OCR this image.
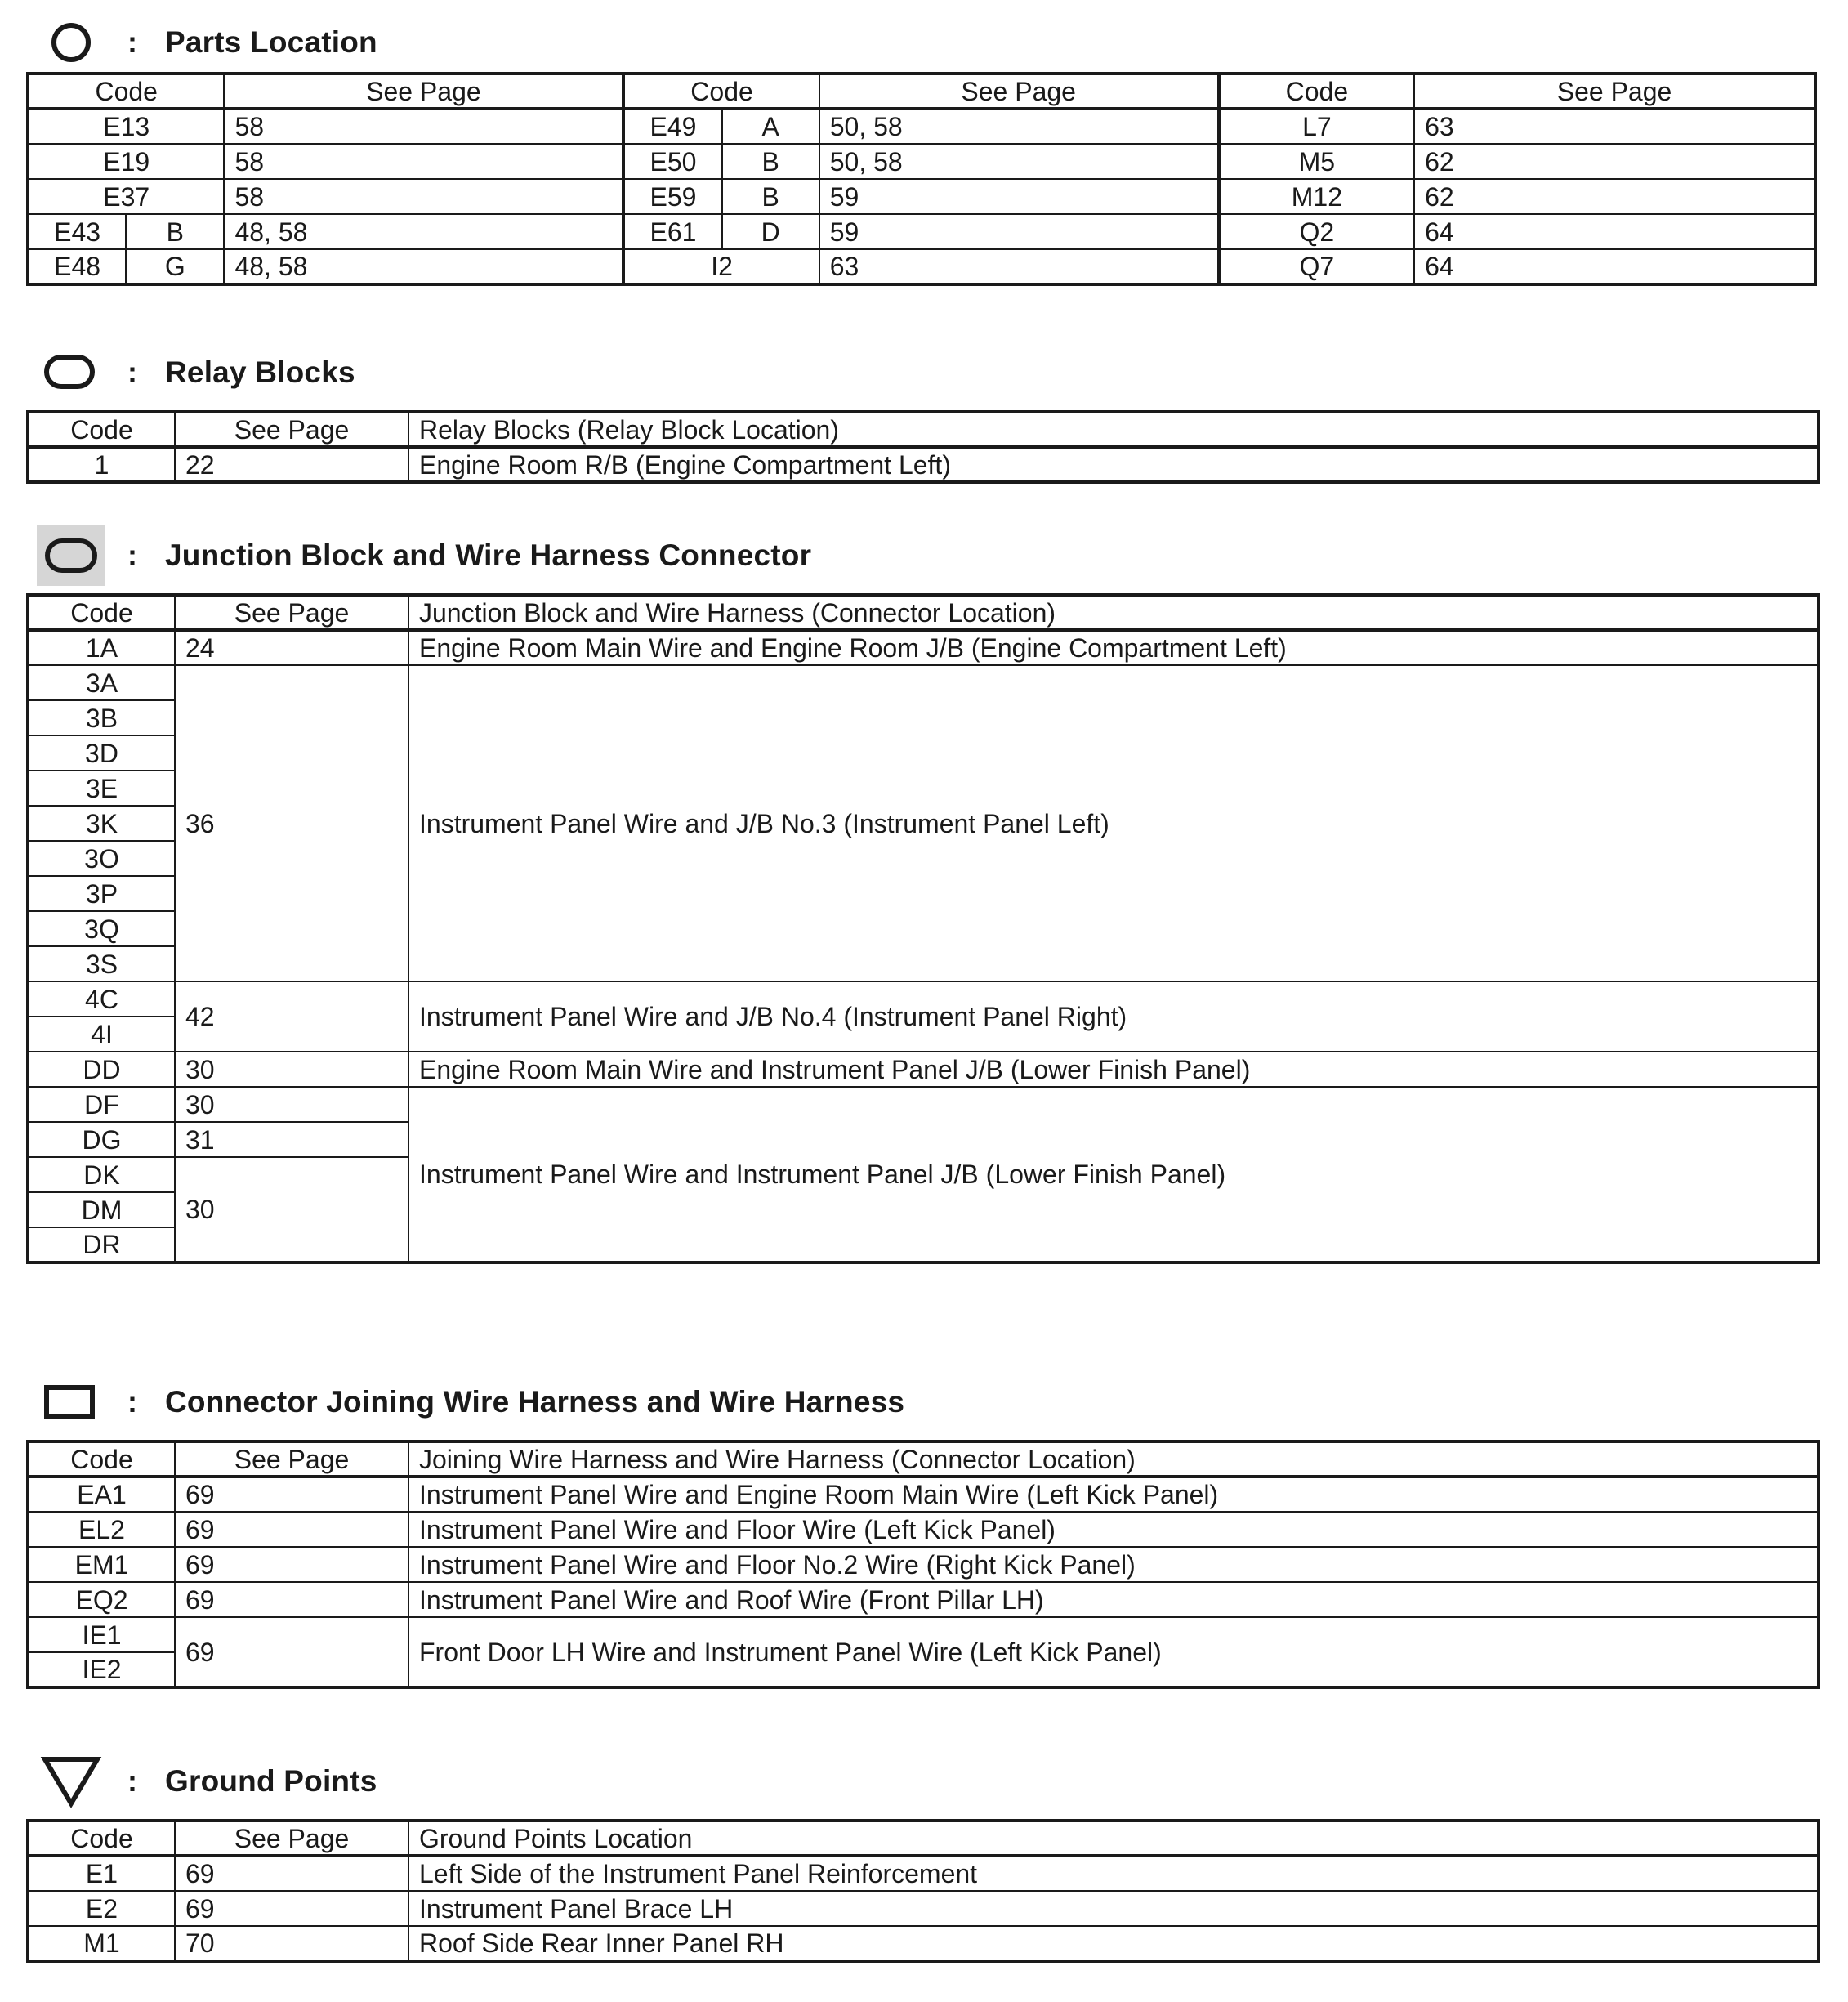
: Parts Location
Code		See Page	Code		See Page	Code	See Page
E13		58	E49	A	50, 58	L7	63
E19		58	E50	B	50, 58	M5	62
E37		58	E59	B	59	M12	62
E43	B	48, 58	E61	D	59	Q2	64
E48	G	48, 58	I2		63	Q7	64
: Relay Blocks
Code	See Page	Relay Blocks (Relay Block Location)
1	22	Engine Room R/B (Engine Compartment Left)
: Junction Block and Wire Harness Connector
Code	See Page	Junction Block and Wire Harness (Connector Location)
1A	24	Engine Room Main Wire and Engine Room J/B (Engine Compartment Left)
3A	36	Instrument Panel Wire and J/B No.3 (Instrument Panel Left)
3B		
3D		
3E		
3K		
3O		
3P		
3Q		
3S		
4C	42	Instrument Panel Wire and J/B No.4 (Instrument Panel Right)
4I		
DD	30	Engine Room Main Wire and Instrument Panel J/B (Lower Finish Panel)
DF	30	Instrument Panel Wire and Instrument Panel J/B (Lower Finish Panel)
DG	31	
DK	30	
DM		
DR		
: Connector Joining Wire Harness and Wire Harness
Code	See Page	Joining Wire Harness and Wire Harness (Connector Location)
EA1	69	Instrument Panel Wire and Engine Room Main Wire (Left Kick Panel)
EL2	69	Instrument Panel Wire and Floor Wire (Left Kick Panel)
EM1	69	Instrument Panel Wire and Floor No.2 Wire (Right Kick Panel)
EQ2	69	Instrument Panel Wire and Roof Wire (Front Pillar LH)
IE1	69	Front Door LH Wire and Instrument Panel Wire (Left Kick Panel)
IE2		
: Ground Points
Code	See Page	Ground Points Location
E1	69	Left Side of the Instrument Panel Reinforcement
E2	69	Instrument Panel Brace LH
M1	70	Roof Side Rear Inner Panel RH
